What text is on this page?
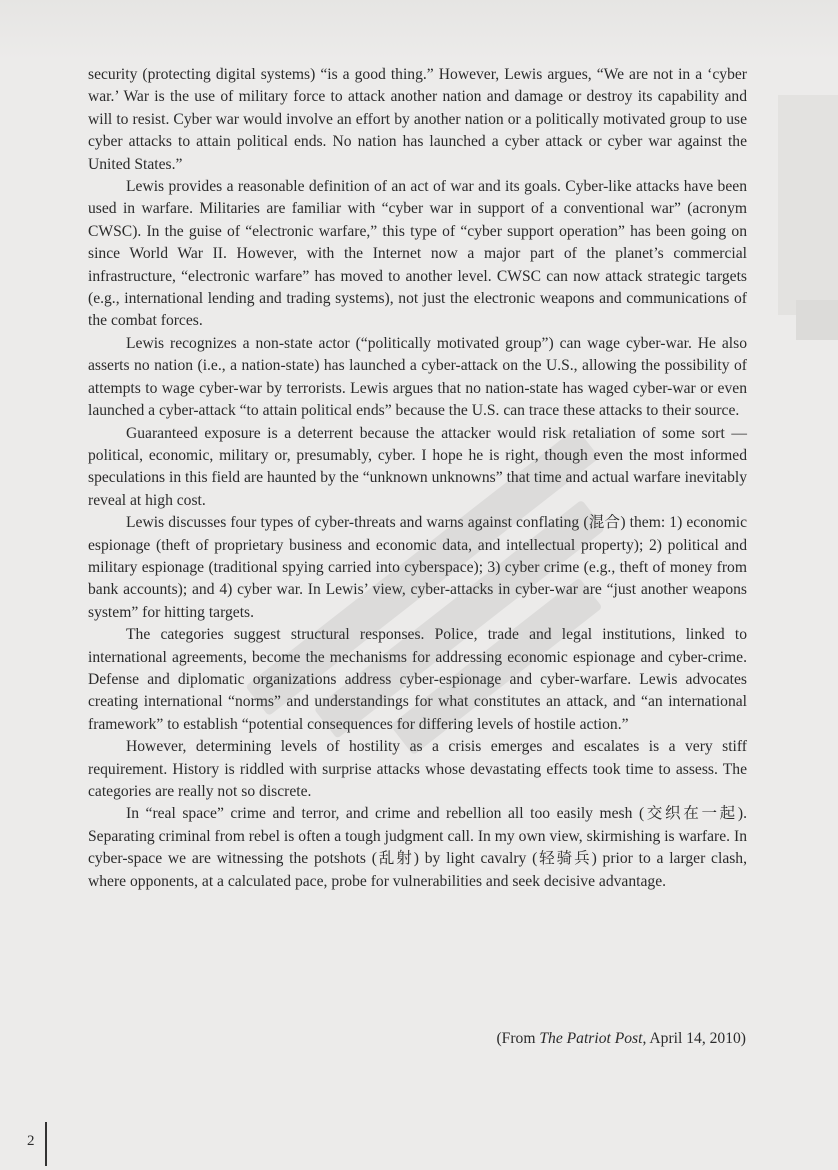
security (protecting digital systems) “is a good thing.” However, Lewis argues, “We are not in a ‘cyber war.’ War is the use of military force to attack another nation and damage or destroy its capability and will to resist. Cyber war would involve an effort by another nation or a politically motivated group to use cyber attacks to attain political ends. No nation has launched a cyber attack or cyber war against the United States.”

Lewis provides a reasonable definition of an act of war and its goals. Cyber-like attacks have been used in warfare. Militaries are familiar with “cyber war in support of a conventional war” (acronym CWSC). In the guise of “electronic warfare,” this type of “cyber support operation” has been going on since World War II. However, with the Internet now a major part of the planet’s commercial infrastructure, “electronic warfare” has moved to another level. CWSC can now attack strategic targets (e.g., international lending and trading systems), not just the electronic weapons and communications of the combat forces.

Lewis recognizes a non-state actor (“politically motivated group”) can wage cyber-war. He also asserts no nation (i.e., a nation-state) has launched a cyber-attack on the U.S., allowing the possibility of attempts to wage cyber-war by terrorists. Lewis argues that no nation-state has waged cyber-war or even launched a cyber-attack “to attain political ends” because the U.S. can trace these attacks to their source.

Guaranteed exposure is a deterrent because the attacker would risk retaliation of some sort — political, economic, military or, presumably, cyber. I hope he is right, though even the most informed speculations in this field are haunted by the “unknown unknowns” that time and actual warfare inevitably reveal at high cost.

Lewis discusses four types of cyber-threats and warns against conflating (混合) them: 1) economic espionage (theft of proprietary business and economic data, and intellectual property); 2) political and military espionage (traditional spying carried into cyberspace); 3) cyber crime (e.g., theft of money from bank accounts); and 4) cyber war. In Lewis’ view, cyber-attacks in cyber-war are “just another weapons system” for hitting targets.

The categories suggest structural responses. Police, trade and legal institutions, linked to international agreements, become the mechanisms for addressing economic espionage and cyber-crime. Defense and diplomatic organizations address cyber-espionage and cyber-warfare. Lewis advocates creating international “norms” and understandings for what constitutes an attack, and “an international framework” to establish “potential consequences for differing levels of hostile action.”

However, determining levels of hostility as a crisis emerges and escalates is a very stiff requirement. History is riddled with surprise attacks whose devastating effects took time to assess. The categories are really not so discrete.

In “real space” crime and terror, and crime and rebellion all too easily mesh (交织在一起). Separating criminal from rebel is often a tough judgment call. In my own view, skirmishing is warfare. In cyber-space we are witnessing the potshots (乱射) by light cavalry (轻骑兵) prior to a larger clash, where opponents, at a calculated pace, probe for vulnerabilities and seek decisive advantage.

(From The Patriot Post, April 14, 2010)
2
